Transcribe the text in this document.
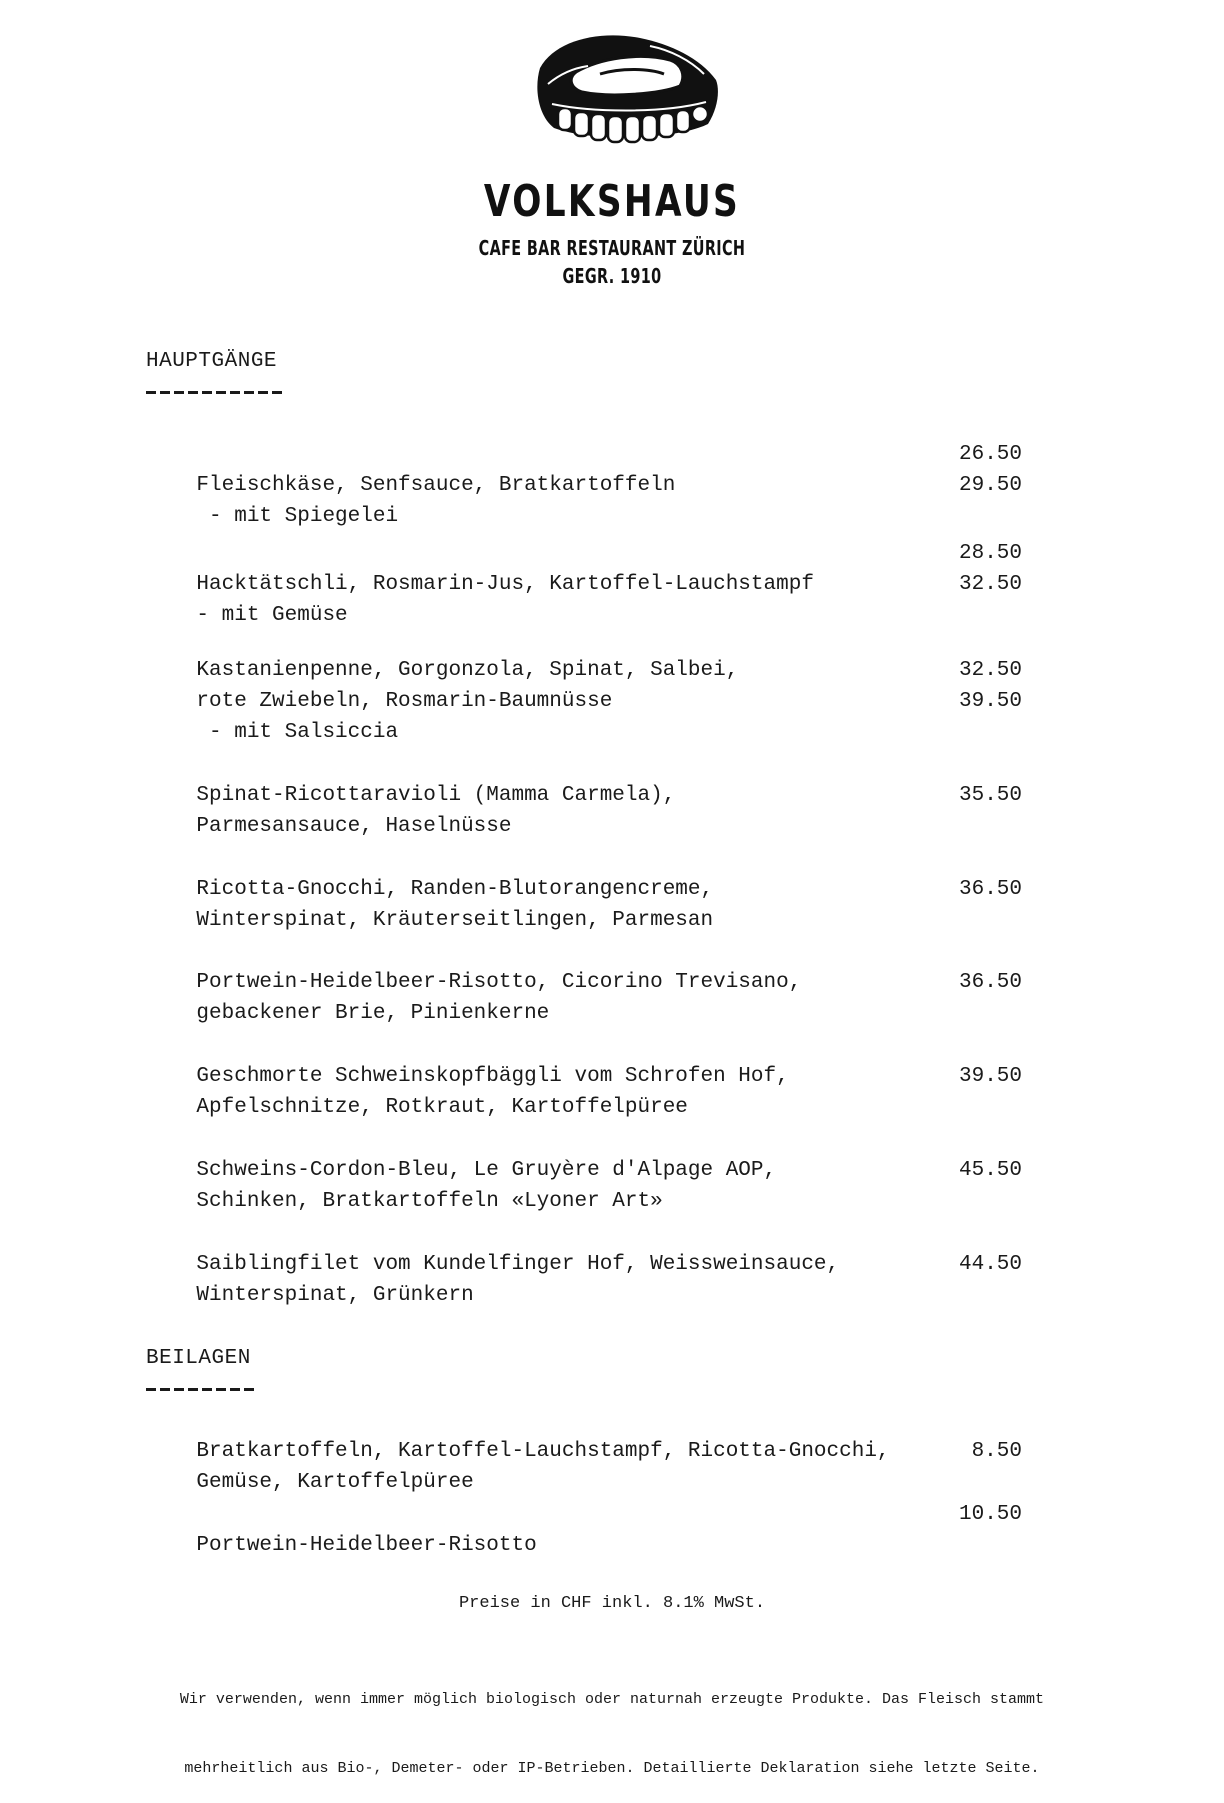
VOLKSHAUS
CAFE BAR RESTAURANT ZÜRICH
GEGR. 1910
HAUPTGÄNGE

Fleischkäse, Senfsauce, Bratkartoffeln

26.50

- mit Spiegelei

29.50

Hacktätschli, Rosmarin-Jus, Kartoffel-Lauchstampf

28.50

- mit Gemüse

32.50

Kastanienpenne, Gorgonzola, Spinat, Salbei,

rote Zwiebeln, Rosmarin-Baumnüsse

32.50

- mit Salsiccia

39.50

Spinat-Ricottaravioli (Mamma Carmela),

Parmesansauce, Haselnüsse

35.50

Ricotta-Gnocchi, Randen-Blutorangencreme,

Winterspinat, Kräuterseitlingen, Parmesan

36.50

Portwein-Heidelbeer-Risotto, Cicorino Trevisano,

gebackener Brie, Pinienkerne

36.50

Geschmorte Schweinskopfbäggli vom Schrofen Hof,

Apfelschnitze, Rotkraut, Kartoffelpüree

39.50

Schweins-Cordon-Bleu, Le Gruyère d'Alpage AOP,

Schinken, Bratkartoffeln «Lyoner Art»

45.50

Saiblingfilet vom Kundelfinger Hof, Weissweinsauce,

Winterspinat, Grünkern

44.50

BEILAGEN

Bratkartoffeln, Kartoffel-Lauchstampf, Ricotta-Gnocchi,

Gemüse, Kartoffelpüree

8.50

Portwein-Heidelbeer-Risotto

10.50

Preise in CHF inkl. 8.1% MwSt.

Wir verwenden, wenn immer möglich biologisch oder naturnah erzeugte Produkte. Das Fleisch stammt

mehrheitlich aus Bio-, Demeter- oder IP-Betrieben. Detaillierte Deklaration siehe letzte Seite.
